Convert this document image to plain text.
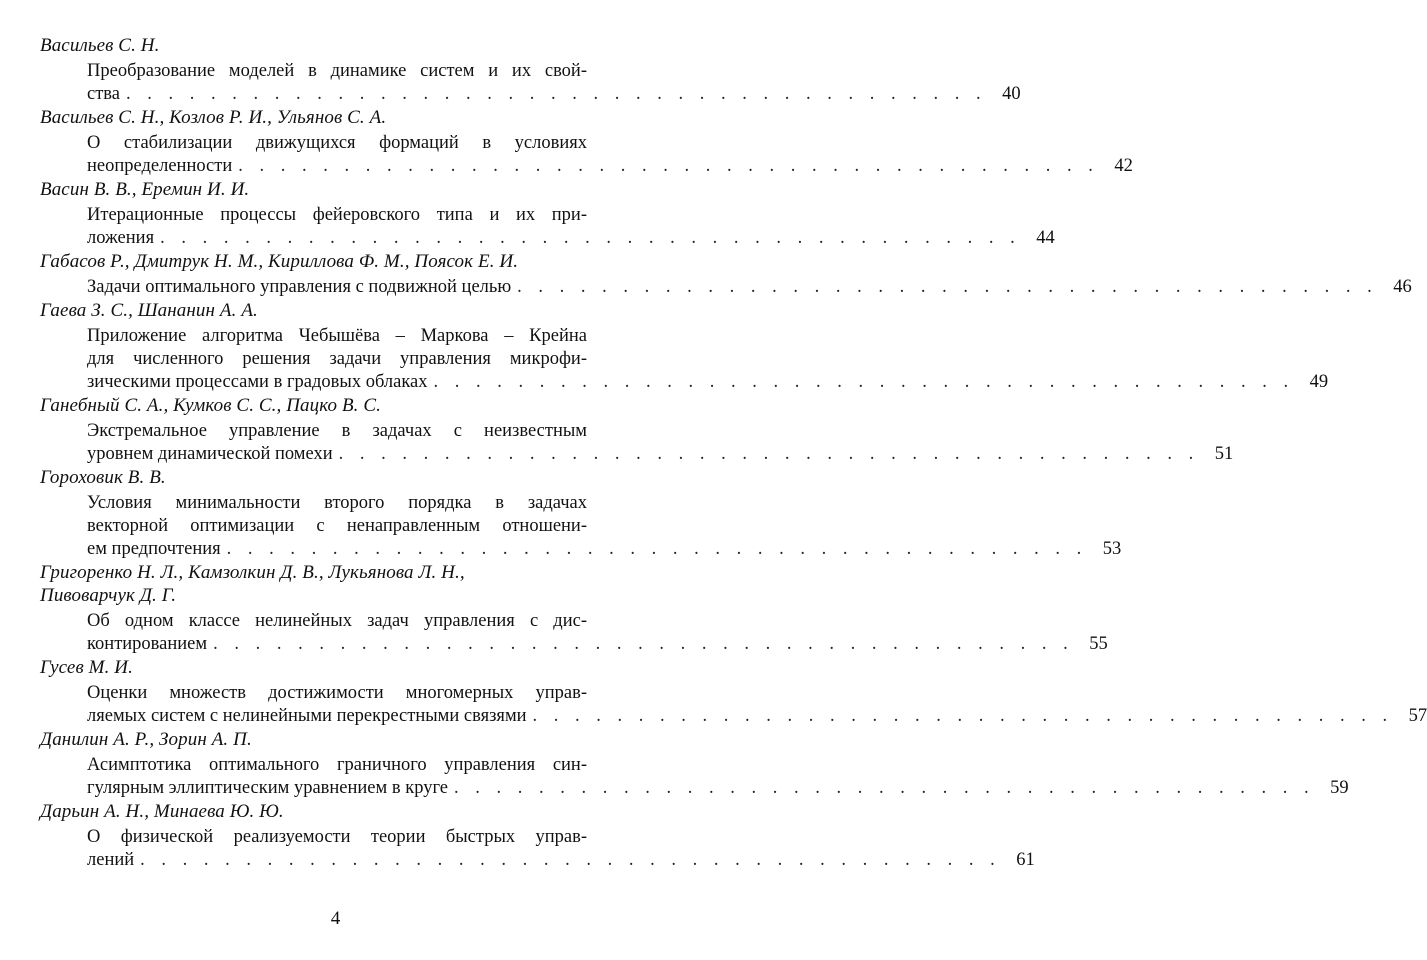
Васильев С. Н.
Преобразование моделей в динамике систем и их свой-
ства . . . . . . . . . . . . . . . . . . . . . . . . . . . . . . . . . . . . . . . . . 40
Васильев С. Н., Козлов Р. И., Ульянов С. А.
О стабилизации движущихся формаций в условиях
неопределенности . . . . . . . . . . . . . . . . . . . . . . . . . . . . . . . . . . . . . . . . . 42
Васин В. В., Еремин И. И.
Итерационные процессы фейеровского типа и их при-
ложения . . . . . . . . . . . . . . . . . . . . . . . . . . . . . . . . . . . . . . . . . 44
Габасов Р., Дмитрук Н. М., Кириллова Ф. М., Поясок Е. И.
Задачи оптимального управления с подвижной целью . . . . . . . . . . . . . . . . . . . . . . . . . . . . . . . . . . . . . . . . . 46
Гаева З. С., Шананин А. А.
Приложение алгоритма Чебышёва – Маркова – Крейна
для численного решения задачи управления микрофи-
зическими процессами в градовых облаках . . . . . . . . . . . . . . . . . . . . . . . . . . . . . . . . . . . . . . . . . 49
Ганебный С. А., Кумков С. С., Пацко В. С.
Экстремальное управление в задачах с неизвестным
уровнем динамической помехи . . . . . . . . . . . . . . . . . . . . . . . . . . . . . . . . . . . . . . . . . 51
Гороховик В. В.
Условия минимальности второго порядка в задачах
векторной оптимизации с ненаправленным отношени-
ем предпочтения . . . . . . . . . . . . . . . . . . . . . . . . . . . . . . . . . . . . . . . . . 53
Григоренко Н. Л., Камзолкин Д. В., Лукьянова Л. Н.,
Пивоварчук Д. Г.
Об одном классе нелинейных задач управления с дис-
контированием . . . . . . . . . . . . . . . . . . . . . . . . . . . . . . . . . . . . . . . . . 55
Гусев М. И.
Оценки множеств достижимости многомерных управ-
ляемых систем с нелинейными перекрестными связями . . . . . . . . . . . . . . . . . . . . . . . . . . . . . . . . . . . . . . . . . 57
Данилин А. Р., Зорин А. П.
Асимптотика оптимального граничного управления син-
гулярным эллиптическим уравнением в круге . . . . . . . . . . . . . . . . . . . . . . . . . . . . . . . . . . . . . . . . . 59
Дарьин А. Н., Минаева Ю. Ю.
О физической реализуемости теории быстрых управ-
лений . . . . . . . . . . . . . . . . . . . . . . . . . . . . . . . . . . . . . . . . . 61
4
